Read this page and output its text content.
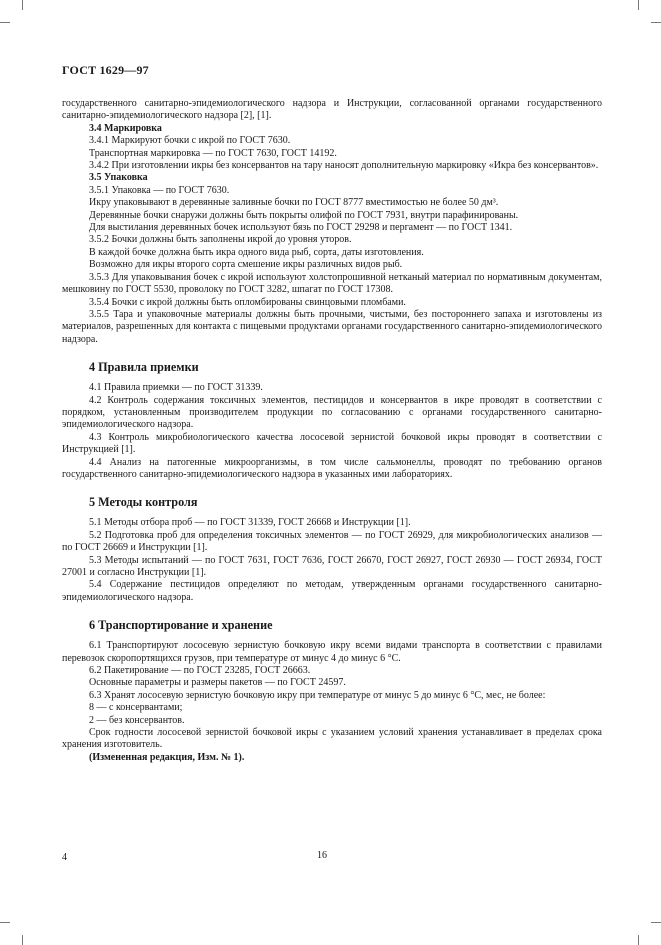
ГОСТ 1629—97

государственного санитарно-эпидемиологического надзора и Инструкции, согласованной органами государственного санитарно-эпидемиологического надзора [2], [1].

3.4 Маркировка

3.4.1 Маркируют бочки с икрой по ГОСТ 7630.

Транспортная маркировка — по ГОСТ 7630, ГОСТ 14192.

3.4.2 При изготовлении икры без консервантов на тару наносят дополнительную маркировку «Икра без консервантов».

3.5 Упаковка

3.5.1 Упаковка — по ГОСТ 7630.

Икру упаковывают в деревянные заливные бочки по ГОСТ 8777 вместимостью не более 50 дм³.

Деревянные бочки снаружи должны быть покрыты олифой по ГОСТ 7931, внутри парафинированы.

Для выстилания деревянных бочек используют бязь по ГОСТ 29298 и пергамент — по ГОСТ 1341.

3.5.2 Бочки должны быть заполнены икрой до уровня уторов.

В каждой бочке должна быть икра одного вида рыб, сорта, даты изготовления.

Возможно для икры второго сорта смешение икры различных видов рыб.

3.5.3 Для упаковывания бочек с икрой используют холстопрошивной нетканый материал по нормативным документам, мешковину по ГОСТ 5530, проволоку по ГОСТ 3282, шпагат по ГОСТ 17308.

3.5.4 Бочки с икрой должны быть опломбированы свинцовыми пломбами.

3.5.5 Тара и упаковочные материалы должны быть прочными, чистыми, без постороннего запаха и изготовлены из материалов, разрешенных для контакта с пищевыми продуктами органами государственного санитарно-эпидемиологического надзора.

4 Правила приемки

4.1 Правила приемки — по ГОСТ 31339.

4.2 Контроль содержания токсичных элементов, пестицидов и консервантов в икре проводят в соответствии с порядком, установленным производителем продукции по согласованию с органами государственного санитарно-эпидемиологического надзора.

4.3 Контроль микробиологического качества лососевой зернистой бочковой икры проводят в соответствии с Инструкцией [1].

4.4 Анализ на патогенные микроорганизмы, в том числе сальмонеллы, проводят по требованию органов государственного санитарно-эпидемиологического надзора в указанных ими лабораториях.

5 Методы контроля

5.1 Методы отбора проб — по ГОСТ 31339, ГОСТ 26668 и Инструкции [1].

5.2 Подготовка проб для определения токсичных элементов — по ГОСТ 26929, для микробиологических анализов — по ГОСТ 26669 и Инструкции [1].

5.3 Методы испытаний — по ГОСТ 7631, ГОСТ 7636, ГОСТ 26670, ГОСТ 26927, ГОСТ 26930 — ГОСТ 26934, ГОСТ 27001 и согласно Инструкции [1].

5.4 Содержание пестицидов определяют по методам, утвержденным органами государственного санитарно-эпидемиологического надзора.

6 Транспортирование и хранение

6.1 Транспортируют лососевую зернистую бочковую икру всеми видами транспорта в соответствии с правилами перевозок скоропортящихся грузов, при температуре от минус 4 до минус 6 °С.

6.2 Пакетирование — по ГОСТ 23285, ГОСТ 26663.

Основные параметры и размеры пакетов — по ГОСТ 24597.

6.3 Хранят лососевую зернистую бочковую икру при температуре от минус 5 до минус 6 °С, мес, не более:

8 — с консервантами;

2 — без консервантов.

Срок годности лососевой зернистой бочковой икры с указанием условий хранения устанавливает в пределах срока хранения изготовитель.

(Измененная редакция, Изм. № 1).

4	16
